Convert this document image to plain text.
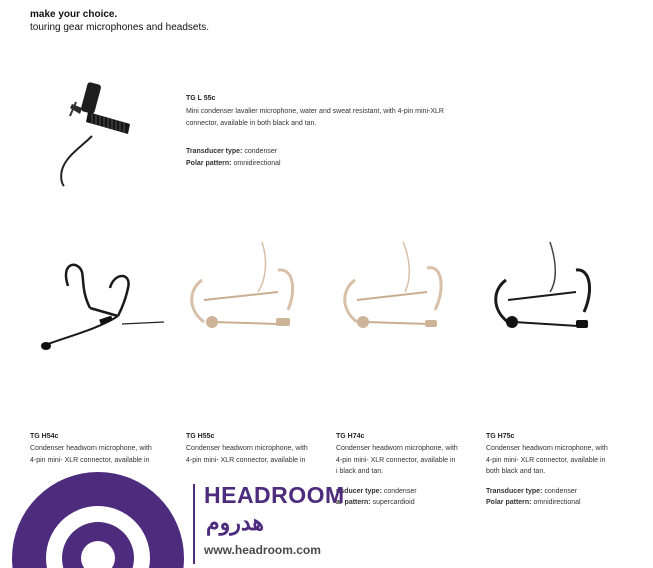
make your choice.
touring gear microphones and headsets.
TG L 55c
Mini condenser lavalier microphone, water and sweat resistant, with 4-pin mini-XLR
connector, available in both black and tan.
Transducer type: condenser
Polar pattern: omnidirectional
TG H54c
Condenser headworn microphone, with
4-pin mini- XLR connector, available in
TG H55c
Condenser headworn microphone, with
4-pin mini- XLR connector, available in
TG H74c
Condenser headworn microphone, with
4-pin mini- XLR connector, available in
i black and tan.
nsducer type: condenser
ar pattern: supercardioid
TG H75c
Condenser headworn microphone, with
4-pin mini- XLR connector, available in
both black and tan.
Transducer type: condenser
Polar pattern: omnidirectional
HEADROOM
هدروم
www.headroom.com
